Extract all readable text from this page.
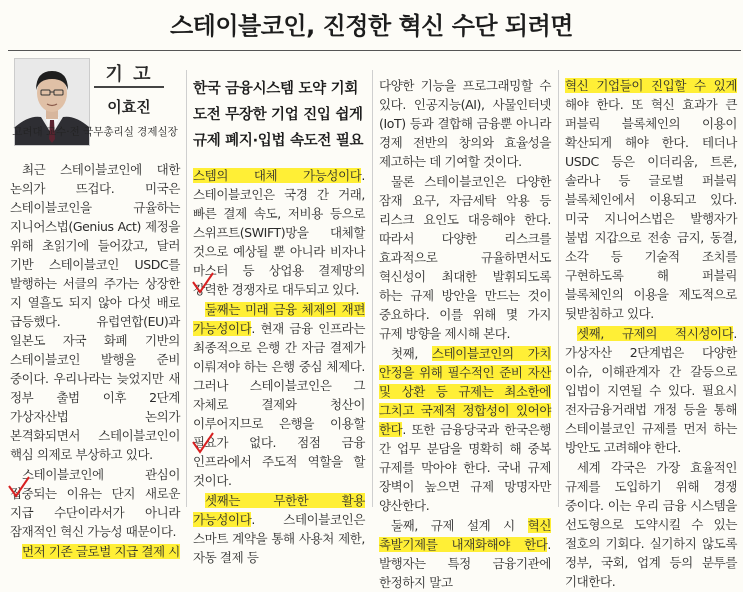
스테이블코인, 진정한 혁신 수단 되려면
기 고
이효진
고려대 교수·전 국무총리실 경제실장

최근 스테이블코인에 대한 논의가 뜨겁다. 미국은 스테이블코인을 규율하는 지니어스법(Genius Act) 제정을 위해 초읽기에 들어갔고, 달러 기반 스테이블코인 USDC를 발행하는 서클의 주가는 상장한 지 열흘도 되지 않아 다섯 배로 급등했다. 유럽연합(EU)과 일본도 자국 화폐 기반의 스테이블코인 발행을 준비 중이다. 우리나라는 늦었지만 새 정부 출범 이후 2단계 가상자산법 논의가 본격화되면서 스테이블코인이 핵심 의제로 부상하고 있다.

스테이블코인에 관심이 집중되는 이유는 단지 새로운 지급 수단이라서가 아니라 잠재적인 혁신 가능성 때문이다.

먼저 기존 글로벌 지급 결제 시

한국 금융시스템 도약 기회
도전 무장한 기업 진입 쉽게
규제 폐지·입법 속도전 필요

스템의 대체 가능성이다. 스테이블코인은 국경 간 거래, 빠른 결제 속도, 저비용 등으로 스위프트(SWIFT)망을 대체할 것으로 예상될 뿐 아니라 비자나 마스터 등 상업용 결제망의 강력한 경쟁자로 대두되고 있다.

둘째는 미래 금융 체제의 재편 가능성이다. 현재 금융 인프라는 최종적으로 은행 간 자금 결제가 이뤄져야 하는 은행 중심 체제다. 그러나 스테이블코인은 그 자체로 결제와 청산이 이루어지므로 은행을 이용할 필요가 없다. 점점 금융 인프라에서 주도적 역할을 할 것이다.

셋째는 무한한 활용 가능성이다. 스테이블코인은 스마트 계약을 통해 사용처 제한, 자동 결제 등

다양한 기능을 프로그래밍할 수 있다. 인공지능(AI), 사물인터넷(IoT) 등과 결합해 금융뿐 아니라 경제 전반의 창의와 효율성을 제고하는 데 기여할 것이다.

물론 스테이블코인은 다양한 잠재 요구, 자금세탁 악용 등 리스크 요인도 대응해야 한다. 따라서 다양한 리스크를 효과적으로 규율하면서도 혁신성이 최대한 발휘되도록 하는 규제 방안을 만드는 것이 중요하다. 이를 위해 몇 가지 규제 방향을 제시해 본다.

첫째, 스테이블코인의 가치 안정을 위해 필수적인 준비 자산 및 상환 등 규제는 최소한에 그치고 국제적 정합성이 있어야 한다. 또한 금융당국과 한국은행 간 업무 분담을 명확히 해 중복 규제를 막아야 한다. 국내 규제 장벽이 높으면 규제 망명자만 양산한다.

둘째, 규제 설계 시 혁신 촉발기제를 내재화해야 한다. 발행자는 특정 금융기관에 한정하지 말고

혁신 기업들이 진입할 수 있게 해야 한다. 또 혁신 효과가 큰 퍼블릭 블록체인의 이용이 확산되게 해야 한다. 테더나 USDC 등은 이더리움, 트론, 솔라나 등 글로벌 퍼블릭 블록체인에서 이용되고 있다. 미국 지니어스법은 발행자가 불법 지갑으로 전송 금지, 동결, 소각 등 기술적 조치를 구현하도록 해 퍼블릭 블록체인의 이용을 제도적으로 뒷받침하고 있다.

셋째, 규제의 적시성이다. 가상자산 2단계법은 다양한 이슈, 이해관계자 간 갈등으로 입법이 지연될 수 있다. 필요시 전자금융거래법 개정 등을 통해 스테이블코인 규제를 먼저 하는 방안도 고려해야 한다.

세계 각국은 가장 효율적인 규제를 도입하기 위해 경쟁 중이다. 이는 우리 금융 시스템을 선도형으로 도약시킬 수 있는 절호의 기회다. 실기하지 않도록 정부, 국회, 업계 등의 분투를 기대한다.
